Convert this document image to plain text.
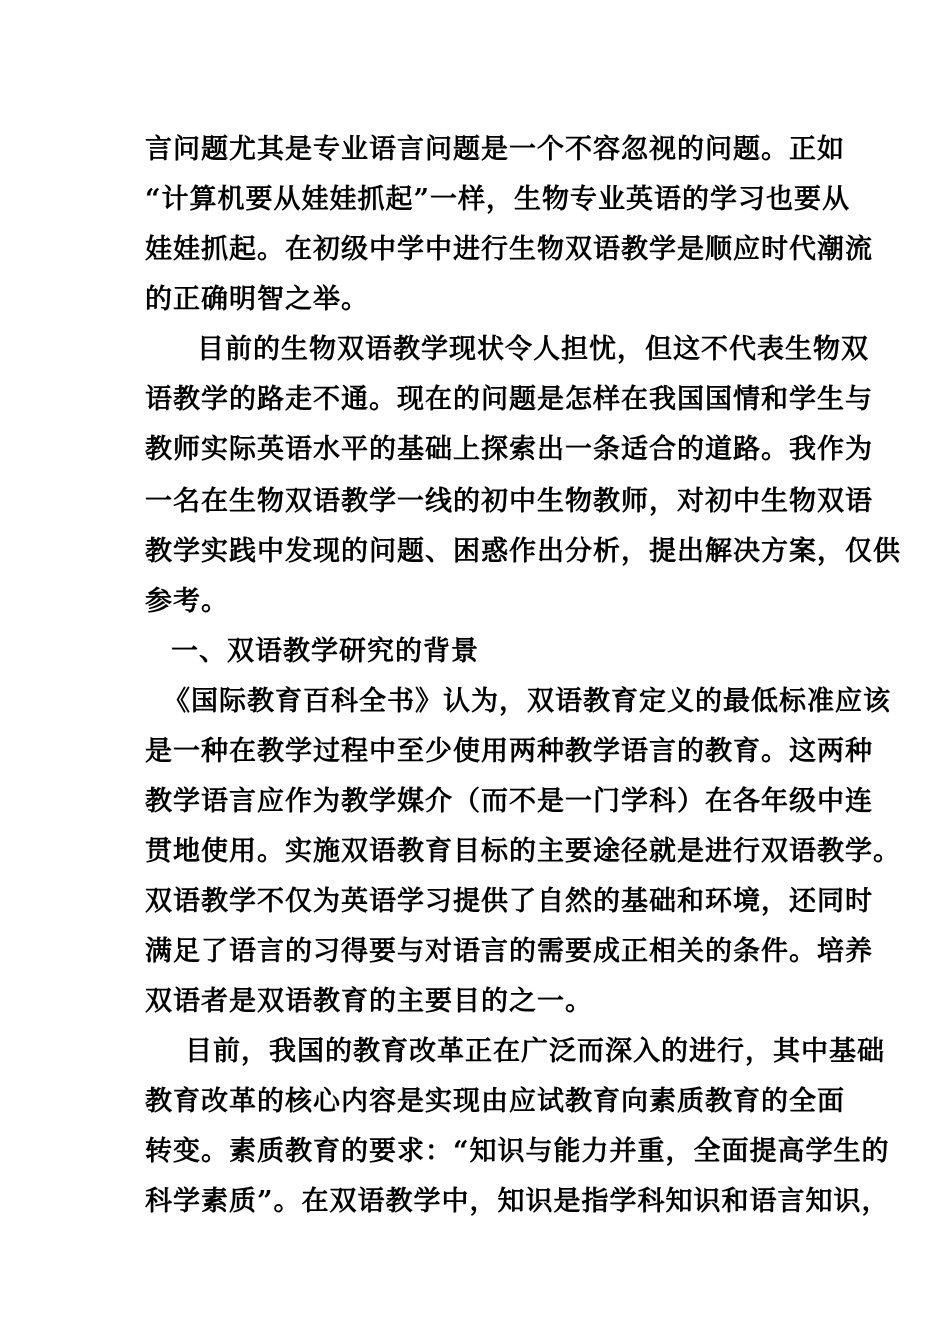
言问题尤其是专业语言问题是一个不容忽视的问题。正如
“计算机要从娃娃抓起”一样，生物专业英语的学习也要从
娃娃抓起。在初级中学中进行生物双语教学是顺应时代潮流
的正确明智之举。
目前的生物双语教学现状令人担忧，但这不代表生物双
语教学的路走不通。现在的问题是怎样在我国国情和学生与
教师实际英语水平的基础上探索出一条适合的道路。我作为
一名在生物双语教学一线的初中生物教师，对初中生物双语
教学实践中发现的问题、困惑作出分析，提出解决方案，仅供
参考。
一、双语教学研究的背景
《国际教育百科全书》认为，双语教育定义的最低标准应该
是一种在教学过程中至少使用两种教学语言的教育。这两种
教学语言应作为教学媒介（而不是一门学科）在各年级中连
贯地使用。实施双语教育目标的主要途径就是进行双语教学。
双语教学不仅为英语学习提供了自然的基础和环境，还同时
满足了语言的习得要与对语言的需要成正相关的条件。培养
双语者是双语教育的主要目的之一。
目前，我国的教育改革正在广泛而深入的进行，其中基础
教育改革的核心内容是实现由应试教育向素质教育的全面
转变。素质教育的要求：“知识与能力并重，全面提高学生的
科学素质”。在双语教学中，知识是指学科知识和语言知识，
